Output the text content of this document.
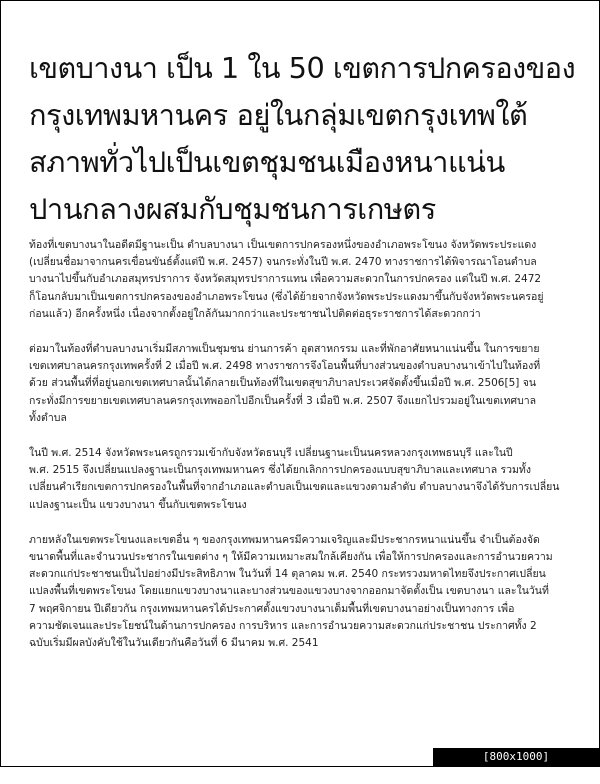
เขตบางนา เป็น 1 ใน 50 เขตการปกครองของ
กรุงเทพมหานคร อยู่ในกลุ่มเขตกรุงเทพใต้
สภาพทั่วไปเป็นเขตชุมชนเมืองหนาแน่น
ปานกลางผสมกับชุมชนการเกษตร

ท้องที่เขตบางนาในอดีตมีฐานะเป็น ตำบลบางนา เป็นเขตการปกครองหนึ่งของอำเภอพระโขนง จังหวัดพระประแดง
(เปลี่ยนชื่อมาจากนครเขื่อนขันธ์ตั้งแต่ปี พ.ศ. 2457) จนกระทั่งในปี พ.ศ. 2470 ทางราชการได้พิจารณาโอนตำบล
บางนาไปขึ้นกับอำเภอสมุทรปราการ จังหวัดสมุทรปราการแทน เพื่อความสะดวกในการปกครอง แต่ในปี พ.ศ. 2472
ก็โอนกลับมาเป็นเขตการปกครองของอำเภอพระโขนง (ซึ่งได้ย้ายจากจังหวัดพระประแดงมาขึ้นกับจังหวัดพระนครอยู่
ก่อนแล้ว) อีกครั้งหนึ่ง เนื่องจากตั้งอยู่ใกล้กันมากกว่าและประชาชนไปติดต่อธุระราชการได้สะดวกกว่า

ต่อมาในท้องที่ตำบลบางนาเริ่มมีสภาพเป็นชุมชน ย่านการค้า อุตสาหกรรม และที่พักอาศัยหนาแน่นขึ้น ในการขยาย
เขตเทศบาลนครกรุงเทพครั้งที่ 2 เมื่อปี พ.ศ. 2498 ทางราชการจึงโอนพื้นที่บางส่วนของตำบลบางนาเข้าไปในท้องที่
ด้วย ส่วนพื้นที่ที่อยู่นอกเขตเทศบาลนั้นได้กลายเป็นท้องที่ในเขตสุขาภิบาลประเวศจัดตั้งขึ้นเมื่อปี พ.ศ. 2506[5] จน
กระทั่งมีการขยายเขตเทศบาลนครกรุงเทพออกไปอีกเป็นครั้งที่ 3 เมื่อปี พ.ศ. 2507 จึงแยกไปรวมอยู่ในเขตเทศบาล
ทั้งตำบล

ในปี พ.ศ. 2514 จังหวัดพระนครถูกรวมเข้ากับจังหวัดธนบุรี เปลี่ยนฐานะเป็นนครหลวงกรุงเทพธนบุรี และในปี
พ.ศ. 2515 จึงเปลี่ยนแปลงฐานะเป็นกรุงเทพมหานคร ซึ่งได้ยกเลิกการปกครองแบบสุขาภิบาลและเทศบาล รวมทั้ง
เปลี่ยนคำเรียกเขตการปกครองในพื้นที่จากอำเภอและตำบลเป็นเขตและแขวงตามลำดับ ตำบลบางนาจึงได้รับการเปลี่ยน
แปลงฐานะเป็น แขวงบางนา ขึ้นกับเขตพระโขนง

ภายหลังในเขตพระโขนงและเขตอื่น ๆ ของกรุงเทพมหานครมีความเจริญและมีประชากรหนาแน่นขึ้น จำเป็นต้องจัด
ขนาดพื้นที่และจำนวนประชากรในเขตต่าง ๆ ให้มีความเหมาะสมใกล้เคียงกัน เพื่อให้การปกครองและการอำนวยความ
สะดวกแก่ประชาชนเป็นไปอย่างมีประสิทธิภาพ ในวันที่ 14 ตุลาคม พ.ศ. 2540 กระทรวงมหาดไทยจึงประกาศเปลี่ยน
แปลงพื้นที่เขตพระโขนง โดยแยกแขวงบางนาและบางส่วนของแขวงบางจากออกมาจัดตั้งเป็น เขตบางนา และในวันที่
7 พฤศจิกายน ปีเดียวกัน กรุงเทพมหานครได้ประกาศตั้งแขวงบางนาเต็มพื้นที่เขตบางนาอย่างเป็นทางการ เพื่อ
ความชัดเจนและประโยชน์ในด้านการปกครอง การบริหาร และการอำนวยความสะดวกแก่ประชาชน ประกาศทั้ง 2
ฉบับเริ่มมีผลบังคับใช้ในวันเดียวกันคือวันที่ 6 มีนาคม พ.ศ. 2541

[800x1000] https://upic.me/
